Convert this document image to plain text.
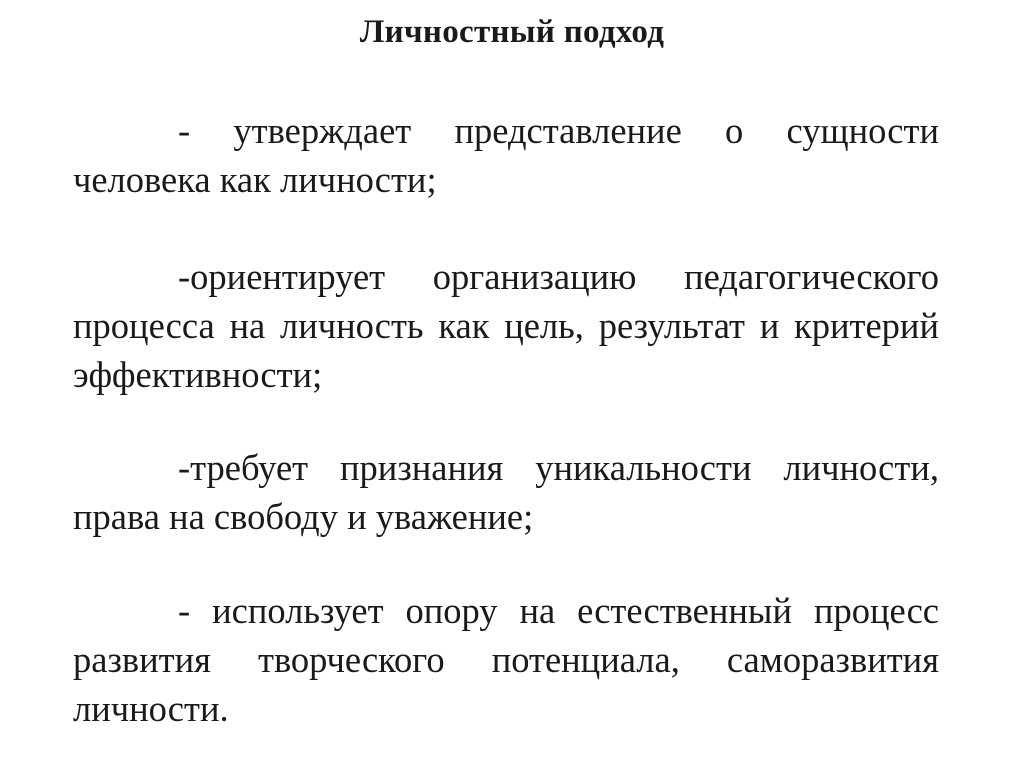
Личностный подход

- утверждает представление о сущности человека как личности;

-ориентирует организацию педагогического процесса на личность как цель, результат и критерий эффективности;

-требует признания уникальности личности, права на свободу и уважение;

- использует опору на естественный процесс развития творческого потенциала, саморазвития личности.
